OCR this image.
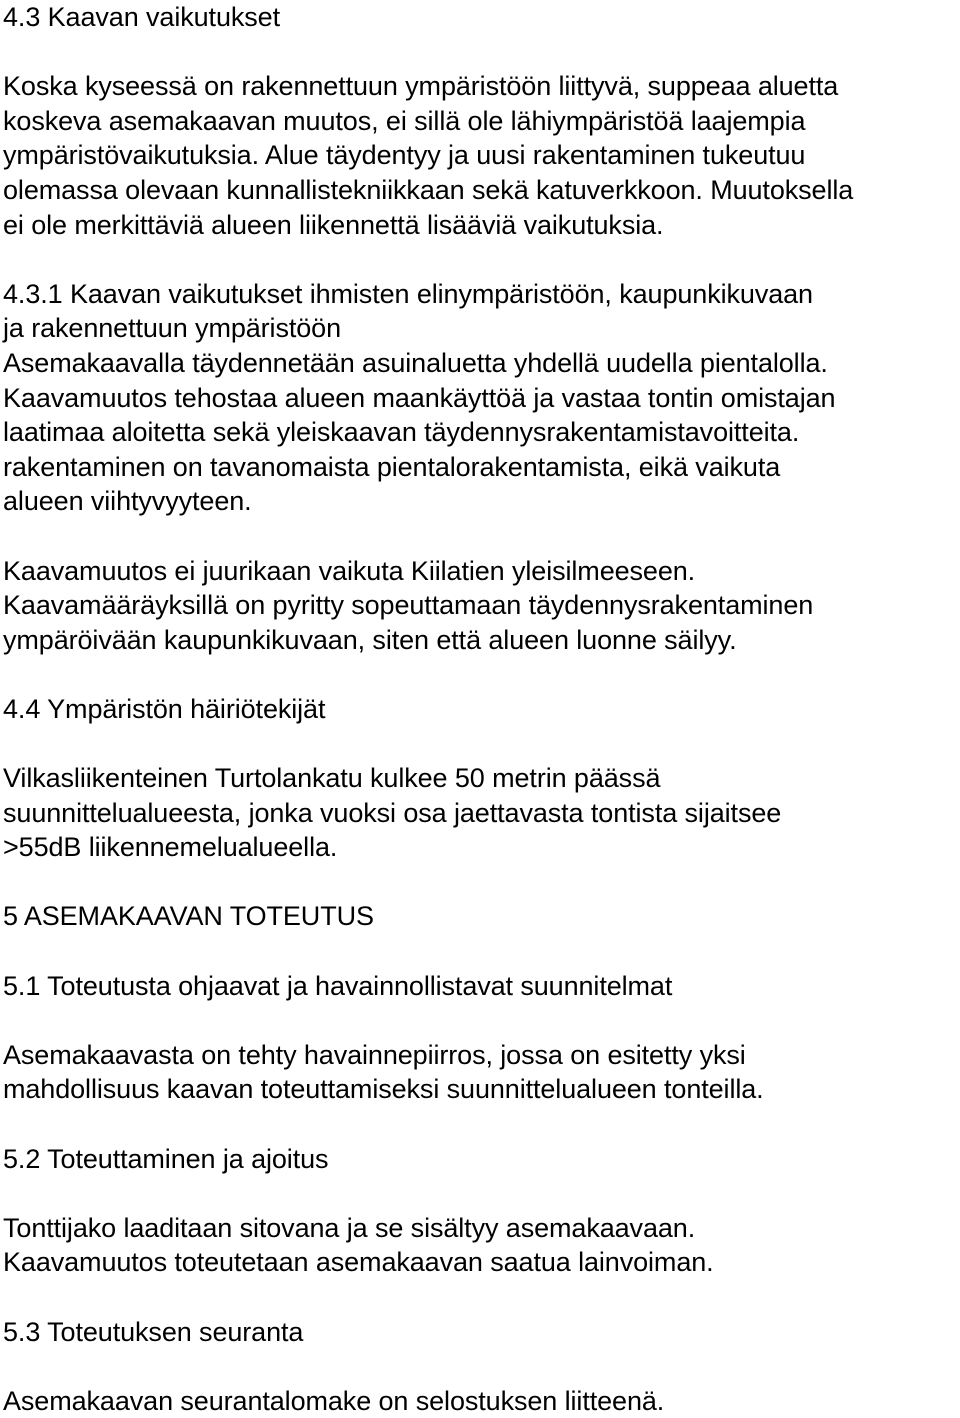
4.3 Kaavan vaikutukset

Koska kyseessä on rakennettuun ympäristöön liittyvä, suppeaa aluetta

koskeva asemakaavan muutos, ei sillä ole lähiympäristöä laajempia

ympäristövaikutuksia. Alue täydentyy ja uusi rakentaminen tukeutuu

olemassa olevaan kunnallistekniikkaan sekä katuverkkoon. Muutoksella

ei ole merkittäviä alueen liikennettä lisääviä vaikutuksia.

4.3.1 Kaavan vaikutukset ihmisten elinympäristöön, kaupunkikuvaan

ja rakennettuun ympäristöön

Asemakaavalla täydennetään asuinaluetta yhdellä uudella pientalolla.

Kaavamuutos tehostaa alueen maankäyttöä ja vastaa tontin omistajan

laatimaa aloitetta sekä yleiskaavan täydennysrakentamistavoitteita.

rakentaminen on tavanomaista pientalorakentamista, eikä vaikuta

alueen viihtyvyyteen.

Kaavamuutos ei juurikaan vaikuta Kiilatien yleisilmeeseen.

Kaavamääräyksillä on pyritty sopeuttamaan täydennysrakentaminen

ympäröivään kaupunkikuvaan, siten että alueen luonne säilyy.

4.4 Ympäristön häiriötekijät

Vilkasliikenteinen Turtolankatu kulkee 50 metrin päässä

suunnittelualueesta, jonka vuoksi osa jaettavasta tontista sijaitsee

>55dB liikennemelualueella.

5 ASEMAKAAVAN TOTEUTUS

5.1 Toteutusta ohjaavat ja havainnollistavat suunnitelmat

Asemakaavasta on tehty havainnepiirros, jossa on esitetty yksi

mahdollisuus kaavan toteuttamiseksi suunnittelualueen tonteilla.

5.2 Toteuttaminen ja ajoitus

Tonttijako laaditaan sitovana ja se sisältyy asemakaavaan.

Kaavamuutos toteutetaan asemakaavan saatua lainvoiman.

5.3 Toteutuksen seuranta

Asemakaavan seurantalomake on selostuksen liitteenä.
